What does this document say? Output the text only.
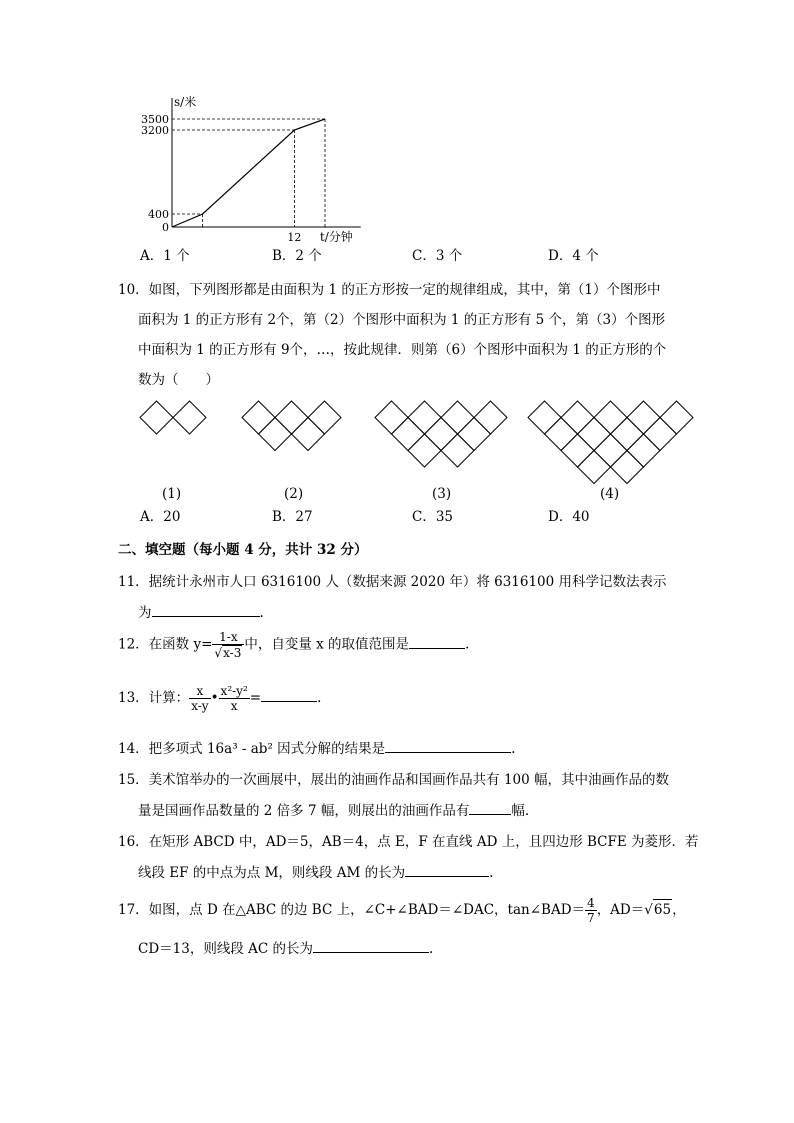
0
400
3200
3500
12
s/米
t/分钟
A．1 个	B．2 个	C．3 个	D．4 个
10．如图，下列图形都是由面积为 1 的正方形按一定的规律组成，其中，第（1）个图形中
面积为 1 的正方形有 2个，第（2）个图形中面积为 1 的正方形有 5 个，第（3）个图形
中面积为 1 的正方形有 9个，…，按此规律．则第（6）个图形中面积为 1 的正方形的个
数为（　　）
(1)	(2)	(3)	(4)
A．20	B．27	C．35	D．40
二、填空题（每小题 4 分，共计 32 分）
11．据统计永州市人口 6316100 人（数据来源 2020 年）将 6316100 用科学记数法表示
为	.
12．在函数 $y= \frac{1-x}{√x-3}$ 中，自变量 x 的取值范围是	.
13．计算： $\frac{x}{x-y}$ • $\frac{\text{x²-y²}}{x}$ =	.
14．把多项式 16a³ - ab² 因式分解的结果是	.
15．美术馆举办的一次画展中，展出的油画作品和国画作品共有 100 幅，其中油画作品的数
量是国画作品数量的 2 倍多 7 幅，则展出的油画作品有	幅.
16．在矩形 ABCD 中，AD＝5，AB＝4，点 E，F 在直线 AD 上，且四边形 BCFE 为菱形．若
线段 EF 的中点为点 M，则线段 AM 的长为	.
17．如图，点 D 在△ABC 的边 BC 上，∠C+∠BAD＝∠DAC，tan∠BAD＝ $\frac{4}{7}$ ，AD＝√65，
CD＝13，则线段 AC 的长为	.
